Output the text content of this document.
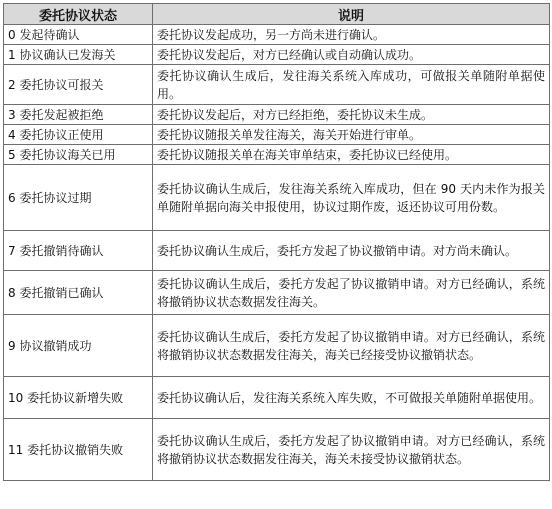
委托协议状态	说明
0 发起待确认	委托协议发起成功，另一方尚未进行确认。
1 协议确认已发海关	委托协议发起后，对方已经确认或自动确认成功。
2 委托协议可报关	委托协议确认生成后，发往海关系统入库成功，可做报关单随附单据使用。
3 委托发起被拒绝	委托协议发起后，对方已经拒绝，委托协议未生成。
4 委托协议正使用	委托协议随报关单发往海关，海关开始进行审单。
5 委托协议海关已用	委托协议随报关单在海关审单结束，委托协议已经使用。
6 委托协议过期	委托协议确认生成后，发往海关系统入库成功，但在 90 天内未作为报关单随附单据向海关申报使用，协议过期作废，返还协议可用份数。
7 委托撤销待确认	委托协议确认生成后，委托方发起了协议撤销申请。对方尚未确认。
8 委托撤销已确认	委托协议确认生成后，委托方发起了协议撤销申请。对方已经确认，系统将撤销协议状态数据发往海关。
9 协议撤销成功	委托协议确认生成后，委托方发起了协议撤销申请。对方已经确认，系统将撤销协议状态数据发往海关，海关已经接受协议撤销状态。
10 委托协议新增失败	委托协议确认后，发往海关系统入库失败，不可做报关单随附单据使用。
11 委托协议撤销失败	委托协议确认生成后，委托方发起了协议撤销申请。对方已经确认，系统将撤销协议状态数据发往海关，海关未接受协议撤销状态。
